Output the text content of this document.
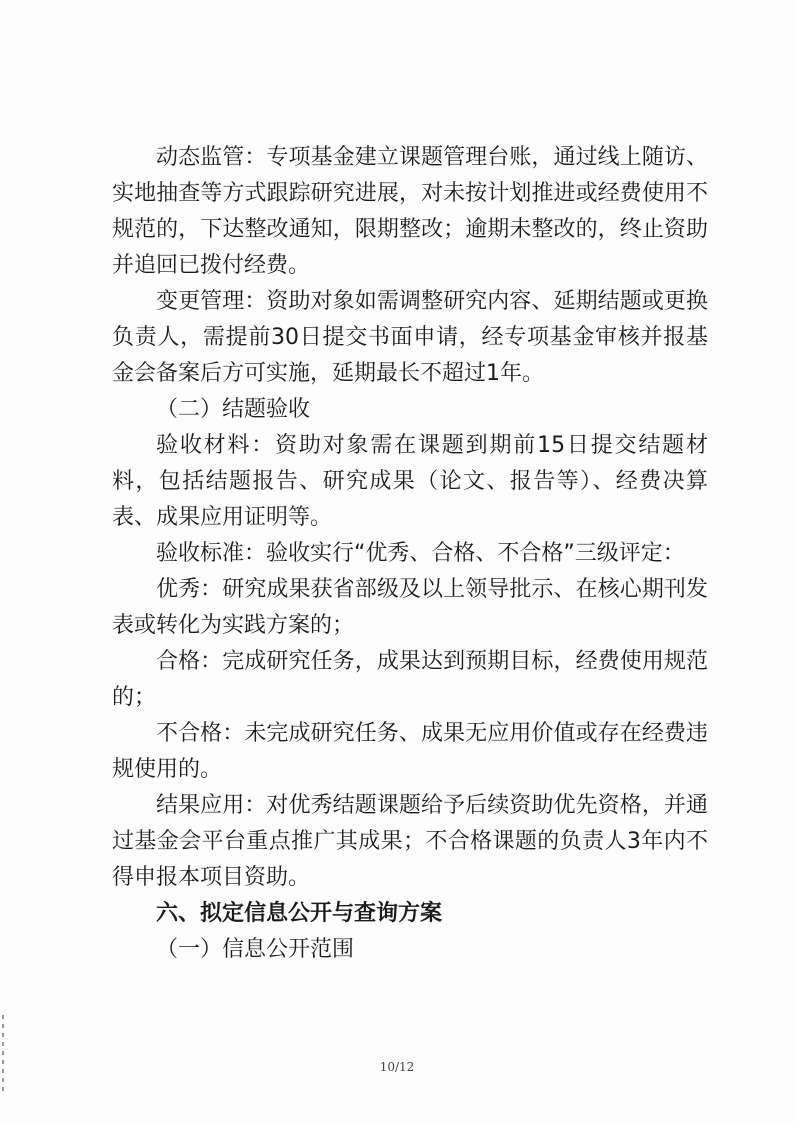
动态监管：专项基金建立课题管理台账，通过线上随访、实地抽查等方式跟踪研究进展，对未按计划推进或经费使用不规范的，下达整改通知，限期整改；逾期未整改的，终止资助并追回已拨付经费。

变更管理：资助对象如需调整研究内容、延期结题或更换负责人，需提前30日提交书面申请，经专项基金审核并报基金会备案后方可实施，延期最长不超过1年。

（二）结题验收

验收材料：资助对象需在课题到期前15日提交结题材料，包括结题报告、研究成果（论文、报告等）、经费决算表、成果应用证明等。

验收标准：验收实行“优秀、合格、不合格”三级评定：

优秀：研究成果获省部级及以上领导批示、在核心期刊发表或转化为实践方案的；

合格：完成研究任务，成果达到预期目标，经费使用规范的；

不合格：未完成研究任务、成果无应用价值或存在经费违规使用的。

结果应用：对优秀结题课题给予后续资助优先资格，并通过基金会平台重点推广其成果；不合格课题的负责人3年内不得申报本项目资助。

六、拟定信息公开与查询方案

（一）信息公开范围

10/12
